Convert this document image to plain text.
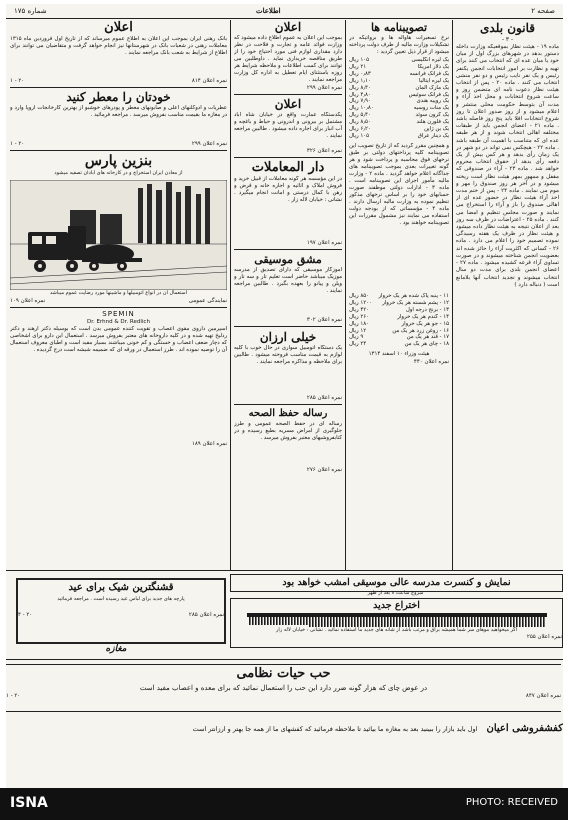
صفحه ۲
اطلاعات
شماره ۱۷۵
قانون بلدی
- ۳ -
ماده ۱۹ - هیئت نظار بموقعیکه وزارت داخله دستور بدهد در شهرهای بزرگ اول از میان خود یا میان عده ای که انتخاب می کنند برای تهیه و نظارت بر امور انتخابات انجمن یکنفر رئیس و یک نفر نایب رئیس و دو نفر منشی انتخاب می کنند . ماده ۲۰ - پس از انتخاب هیئت نظار دعوت نامه ای متضمن روز و ساعت شروع انتخابات و محل اخذ آراء و مدت آن بتوسط حکومت محلی منتشر و اعلام میشود و از روز صدور اعلان تا روز شروع انتخابات اقلا باید پنج روز فاصله باشد . ماده ۲۱ - اعضای انجمن باید از طبقات مختلفه اهالی انتخاب شوند و از هر طبقه عده ای که متناسب با اهمیت آن طبقه باشد . ماده ۲۲ - هیچکس نمی تواند در دو شهر در یک زمان رأی بدهد و هر کس بیش از یک دفعه رأی بدهد از حقوق انتخاب محروم خواهد شد . ماده ۲۳ - آراء در صندوقی که مقفل و ممهور بمهر هیئت نظار است ریخته میشود و در آخر هر روز صندوق را مهر و موم می نمایند . ماده ۲۴ - پس از ختم مدت اخذ آراء هیئت نظار در حضور عده ای از اهالی صندوق را باز و آراء را استخراج می نمایند و صورت مجلس تنظیم و امضا می کنند . ماده ۲۵ - اعتراضات در ظرف سه روز بعد از اعلان نتیجه به هیئت نظار داده میشود و هیئت نظار در ظرف یک هفته رسیدگی نموده تصمیم خود را اعلام می دارد . ماده ۲۶ - کسانی که اکثریت آراء را حائز شده اند بعضویت انجمن شناخته میشوند و در صورت تساوی آراء قرعه کشیده میشود . ماده ۲۷ - اعضای انجمن بلدی برای مدت دو سال انتخاب میشوند و تجدید انتخاب آنها بلامانع است ( دنباله دارد )
اعلان
بموجب این اعلان به عموم اطلاع داده میشود که وزارت فوائد عامه و تجارت و فلاحت در نظر دارد مقداری لوازم فنی مورد احتیاج خود را از طریق مناقصه خریداری نماید . داوطلبین می توانند برای کسب اطلاعات و ملاحظه شرایط هر روزه باستثنای ایام تعطیل به اداره کل وزارت مراجعه نمایند .
نمره اعلان ۲۹۹
اعلان
یکدستگاه عمارت واقع در خیابان شاه آباد مشتمل بر بیرونی و اندرونی و حیاط و باغچه و آب انبار برای اجاره داده میشود . طالبین مراجعه نمایند .
نمره اعلان ۳۲۶
دار المعاملات
در این مؤسسه هر گونه معاملات از قبیل خرید و فروش املاک و اثاثیه و اجاره خانه و قرض و رهن با کمال درستی و امانت انجام میگیرد . نشانی : خیابان لاله زار .
نمره اعلان ۱۹۷
مشق موسیقی
آموزگار موسیقی که دارای تصدیق از مدرسه موزیک میباشد حاضر است تعلیم تار و سه تار و ویلن و پیانو را بعهده بگیرد . طالبین مراجعه نمایند .
نمره اعلان ۳۰۲
خیلی ارزان
یک دستگاه اتومبیل سواری در حال خوب با کلیه لوازم به قیمت مناسب فروخته میشود . طالبین برای ملاحظه و مذاکره مراجعه نمایند .
نمره اعلان ۲۸۵
رساله حفظ الصحه
رساله ای در حفظ الصحه عمومی و طرز جلوگیری از امراض مسریه بطبع رسیده و در کتابفروشیهای معتبر بفروش میرسد .
نمره اعلان ۲۷۶
تصویبنامه ها
نرخ تسعیرات هاواله ها و برواتیکه در تشکیلات وزارت مالیه از طرف دولت پرداخته میشود از قرار ذیل تعیین گردید :
یک لیره انگلیسی
۱۰۵ ریال
یک دلار آمریکا
۲۱ ریال
یک فرانک فرانسه
۰٫۸۳ ریال
یک لیره ایتالیا
۱٫۱۰ ریال
یک مارک آلمان
۸٫۴۰ ریال
یک فرانک سوئیس
۴٫۸۰ ریال
یک روپیه هندی
۷٫۹۰ ریال
یک منات روسیه
۱۰٫۸۰ ریال
یک کرون سوئد
۵٫۴۰ ریال
یک فلورن هلند
۸٫۵۰ ریال
یک ین ژاپن
۶٫۲۰ ریال
یک دینار عراق
۱۰۵ ریال
و همچنین مقرر گردید که از تاریخ تصویب این تصویبنامه کلیه پرداختهای دولتی بر طبق نرخهای فوق محاسبه و پرداخت شود و هر گونه تغییرات بعدی بموجب تصویبنامه های جداگانه اعلام خواهد گردید . ماده ۲ - وزارت مالیه مأمور اجرای این تصویبنامه است . ماده ۳ - ادارات دولتی موظفند صورت حسابهای خود را بر اساس نرخهای مذکور تنظیم نموده به وزارت مالیه ارسال دارند . ماده ۴ - مؤسساتی که از بودجه دولت استفاده می نمایند نیز مشمول مقررات این تصویبنامه خواهند بود .
۱۱ - پنبه پاک شده هر یک خروار
۸۵۰ ریال
۱۲ - پشم شسته هر یک خروار
۱۲۰۰ ریال
۱۳ - برنج درجه اول
۴۲۰ ریال
۱۴ - گندم هر یک خروار
۲۶۰ ریال
۱۵ - جو هر یک خروار
۱۸۰ ریال
۱۶ - روغن زرد هر یک من
۱۲ ریال
۱۷ - قند هر یک من
۹ ریال
۱۸ - چای هر یک من
۲۴ ریال
هیئت وزراء ۱۰ اسفند ۱۳۱۴
نمره اعلان ۴۴۰
اعلان
بانک رهنی ایران بموجب این اعلان به اطلاع عموم میرساند که از تاریخ اول فروردین ماه ۱۳۱۵ معاملات رهنی در شعبات بانک در شهرستانها نیز انجام خواهد گرفت و متقاضیان می توانند برای اطلاع از شرایط به شعب بانک مراجعه نمایند .
نمره اعلان ۸۱۴
۲۰ - ۱
خودتان را معطر کنید
عطریات و ادوکلنهای اعلی و صابونهای معطر و پودرهای خوشبو از بهترین کارخانجات اروپا وارد و در مغازه ما بقیمت مناسب بفروش میرسد . مراجعه فرمائید .
نمره اعلان ۲۹۹
۲۰ - ۱
بنزین پارس
از معادن ایران استخراج و در کارخانه های آبادان تصفیه میشود
استعمال آن در انواع اتومبیلها و ماشینها مورد رضایت عموم میباشد
نمایندگی عمومی
نمره اعلان ۱۰۹
SPEMIN
Dr. Erhnd & Dr. Redlich
اسپرمین داروی مقوی اعصاب و تقویت کننده عمومی بدن است که بوسیله دکتر ارهند و دکتر ردلیخ تهیه شده و در کلیه داروخانه های معتبر بفروش میرسد . استعمال این دارو برای اشخاصی که دچار ضعف اعصاب و خستگی و کم خونی میباشند بسیار مفید است و اطبای معروف استعمال آن را توصیه نموده اند . طرز استعمال در ورقه ای که ضمیمه شیشه است درج گردیده .
نمره اعلان ۱۸۹
نمایش و کنسرت مدرسه عالی موسیقی امشب خواهد بود
شروع ساعت ۸ بعد از ظهر
اختراع جدید
اگر میخواهید موهای سر شما همیشه براق و مرتب باشد از شانه های جدید ما استفاده نمائید . نشانی : خیابان لاله زار
نمره اعلان ۲۵۵
قشنگترین شیک برای عید
پارچه های جدید برای لباس عید رسیده است . مراجعه فرمائید
نمره اعلان ۲۸۵
۲۰ - ۴
مغازه
حب حیات نظامی
در عوض چای که هزار گونه ضرر دارد این حب را استعمال نمائید که برای معده و اعصاب مفید است
نمره اعلان ۸۴۷
۲۰ - ۱
کفشفروشی اعیان اول باید بازار را ببینید بعد به مغازه ما بیائید تا ملاحظه فرمائید که کفشهای ما از همه جا بهتر و ارزانتر است
ISNA	PHOTO: RECEIVED
